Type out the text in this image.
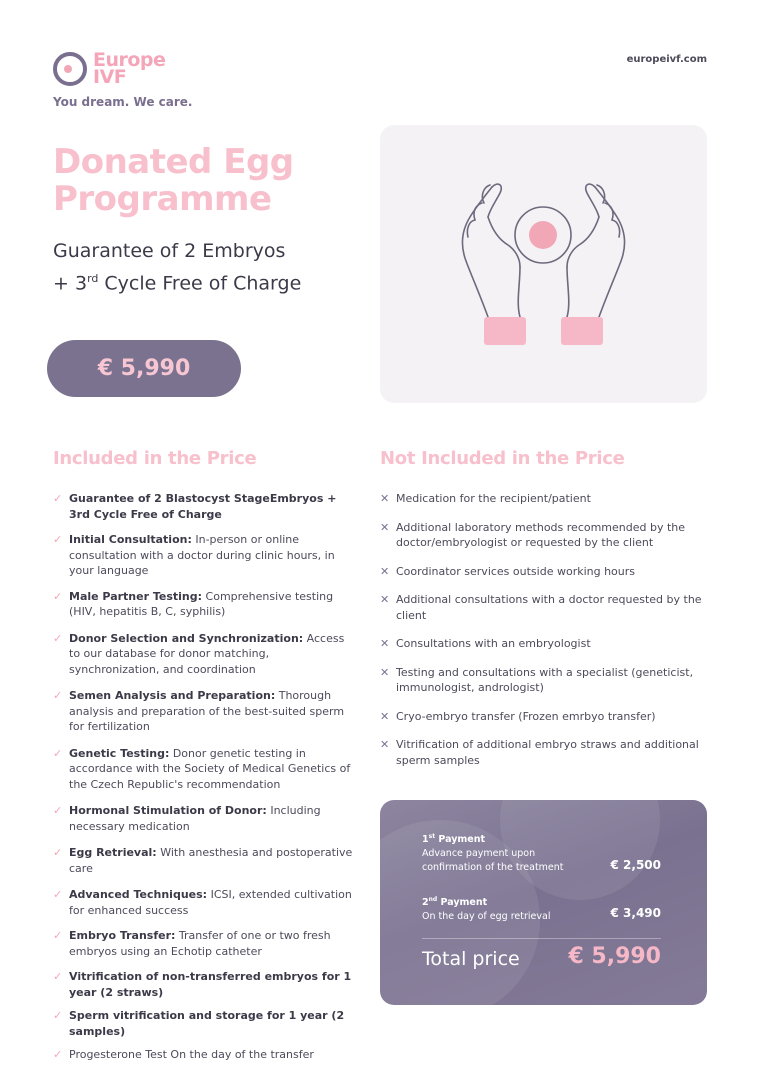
Europe
IVF
You dream. We care.
europeivf.com
Donated Egg
Programme
Guarantee of 2 Embryos
+ 3rd Cycle Free of Charge
€ 5,990
Included in the Price
✓ Guarantee of 2 Blastocyst StageEmbryos + 3rd Cycle Free of Charge
✓ Initial Consultation: In-person or online consultation with a doctor during clinic hours, in your language
✓ Male Partner Testing: Comprehensive testing (HIV, hepatitis B, C, syphilis)
✓ Donor Selection and Synchronization: Access to our database for donor matching, synchronization, and coordination
✓ Semen Analysis and Preparation: Thorough analysis and preparation of the best-suited sperm for fertilization
✓ Genetic Testing: Donor genetic testing in accordance with the Society of Medical Genetics of the Czech Republic's recommendation
✓ Hormonal Stimulation of Donor: Including necessary medication
✓ Egg Retrieval: With anesthesia and postoperative care
✓ Advanced Techniques: ICSI, extended cultivation for enhanced success
✓ Embryo Transfer: Transfer of one or two fresh embryos using an Echotip catheter
✓ Vitrification of non-transferred embryos for 1 year (2 straws)
✓ Sperm vitrification and storage for 1 year (2 samples)
✓ Progesterone Test On the day of the transfer
Not Included in the Price
✕ Medication for the recipient/patient
✕ Additional laboratory methods recommended by the doctor/embryologist or requested by the client
✕ Coordinator services outside working hours
✕ Additional consultations with a doctor requested by the client
✕ Consultations with an embryologist
✕ Testing and consultations with a specialist (geneticist, immunologist, andrologist)
✕ Cryo-embryo transfer (Frozen emrbyo transfer)
✕ Vitrification of additional embryo straws and additional sperm samples
1st Payment
Advance payment upon
confirmation of the treatment	€ 2,500
2nd Payment
On the day of egg retrieval	€ 3,490
Total price € 5,990
